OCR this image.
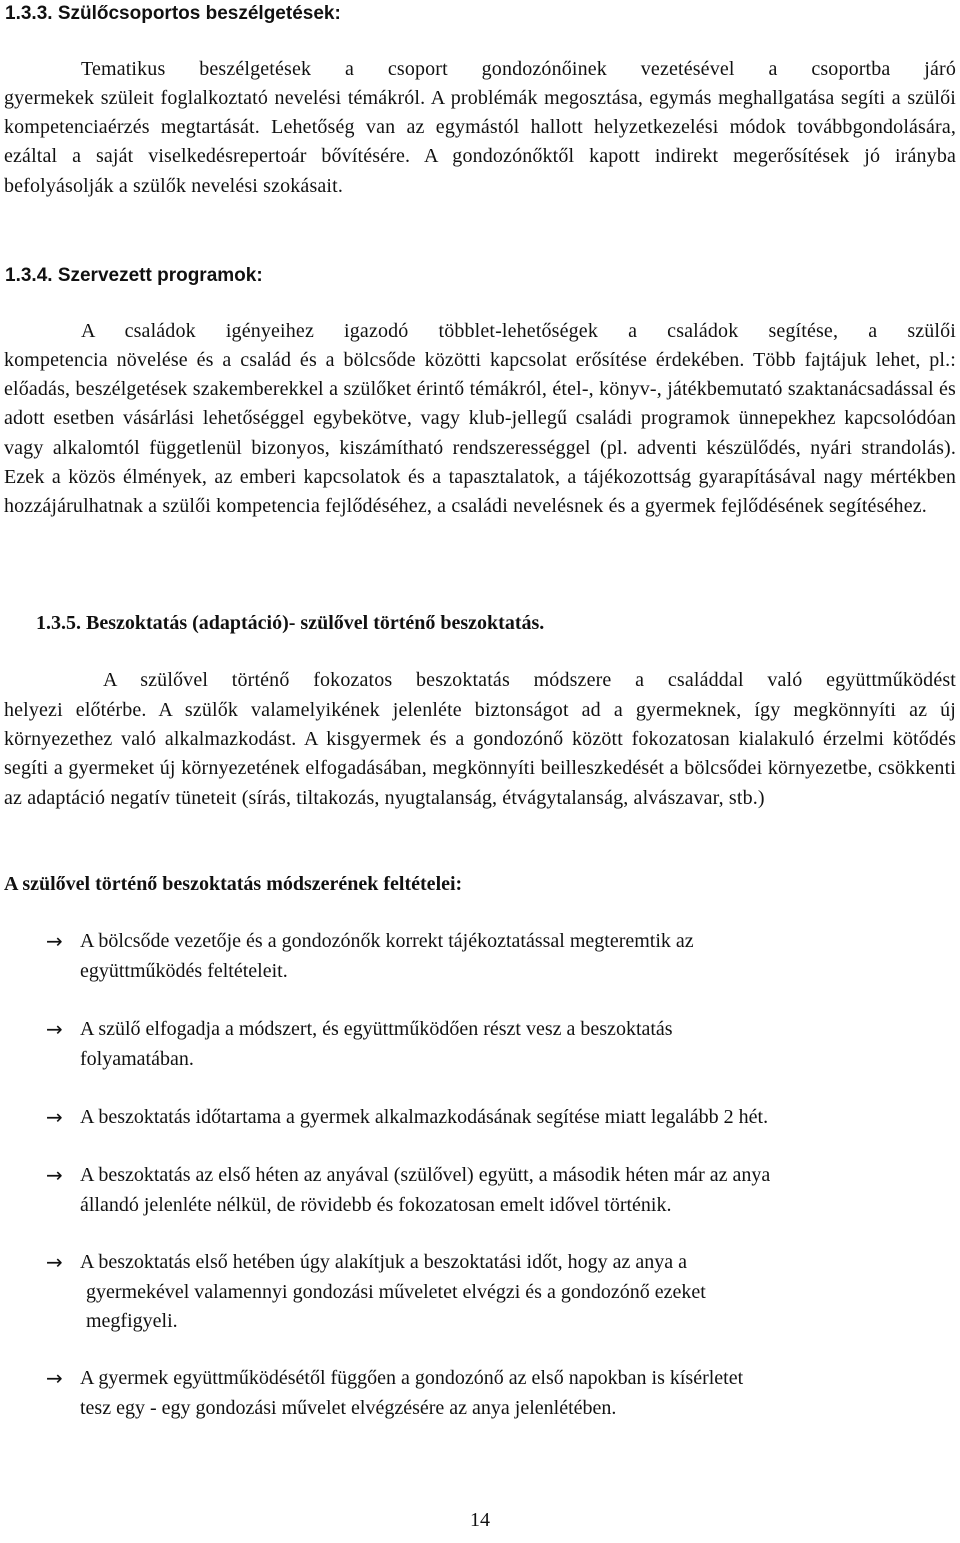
1.3.3. Szülőcsoportos beszélgetések:
Tematikus beszélgetések a csoport gondozónőinek vezetésével a csoportba járó
gyermekek szüleit foglalkoztató nevelési témákról. A problémák megosztása, egymás meghallgatása segíti a szülői kompetenciaérzés megtartását. Lehetőség van az egymástól hallott helyzetkezelési módok továbbgondolására, ezáltal a saját viselkedésrepertoár bővítésére. A gondozónőktől kapott indirekt megerősítések jó irányba befolyásolják a szülők nevelési szokásait.
1.3.4. Szervezett programok:
A családok igényeihez igazodó többlet-lehetőségek a családok segítése, a szülői
kompetencia növelése és a család és a bölcsőde közötti kapcsolat erősítése érdekében. Több fajtájuk lehet, pl.: előadás, beszélgetések szakemberekkel a szülőket érintő témákról, étel-, könyv-, játékbemutató szaktanácsadással és adott esetben vásárlási lehetőséggel egybekötve, vagy klub-jellegű családi programok ünnepekhez kapcsolódóan vagy alkalomtól függetlenül bizonyos, kiszámítható rendszerességgel (pl. adventi készülődés, nyári strandolás). Ezek a közös élmények, az emberi kapcsolatok és a tapasztalatok, a tájékozottság gyarapításával nagy mértékben hozzájárulhatnak a szülői kompetencia fejlődéséhez, a családi nevelésnek és a gyermek fejlődésének segítéséhez.
1.3.5. Beszoktatás (adaptáció)- szülővel történő beszoktatás.
A szülővel történő fokozatos beszoktatás módszere a családdal való együttműködést
helyezi előtérbe. A szülők valamelyikének jelenléte biztonságot ad a gyermeknek, így megkönnyíti az új környezethez való alkalmazkodást. A kisgyermek és a gondozónő között fokozatosan kialakuló érzelmi kötődés segíti a gyermeket új környezetének elfogadásában, megkönnyíti beilleszkedését a bölcsődei környezetbe, csökkenti az adaptáció negatív tüneteit (sírás, tiltakozás, nyugtalanság, étvágytalanság, alvászavar, stb.)
A szülővel történő beszoktatás módszerének feltételei:
→ A bölcsőde vezetője és a gondozónők korrekt tájékoztatással megteremtik az
együttműködés feltételeit.
→ A szülő elfogadja a módszert, és együttműködően részt vesz a beszoktatás
folyamatában.
→ A beszoktatás időtartama a gyermek alkalmazkodásának segítése miatt legalább 2 hét.
→ A beszoktatás az első héten az anyával (szülővel) együtt, a második héten már az anya
állandó jelenléte nélkül, de rövidebb és fokozatosan emelt idővel történik.
→ A beszoktatás első hetében úgy alakítjuk a beszoktatási időt, hogy az anya a
gyermekével valamennyi gondozási műveletet elvégzi és a gondozónő ezeket
megfigyeli.
→ A gyermek együttműködésétől függően a gondozónő az első napokban is kísérletet
tesz egy - egy gondozási művelet elvégzésére az anya jelenlétében.
14
